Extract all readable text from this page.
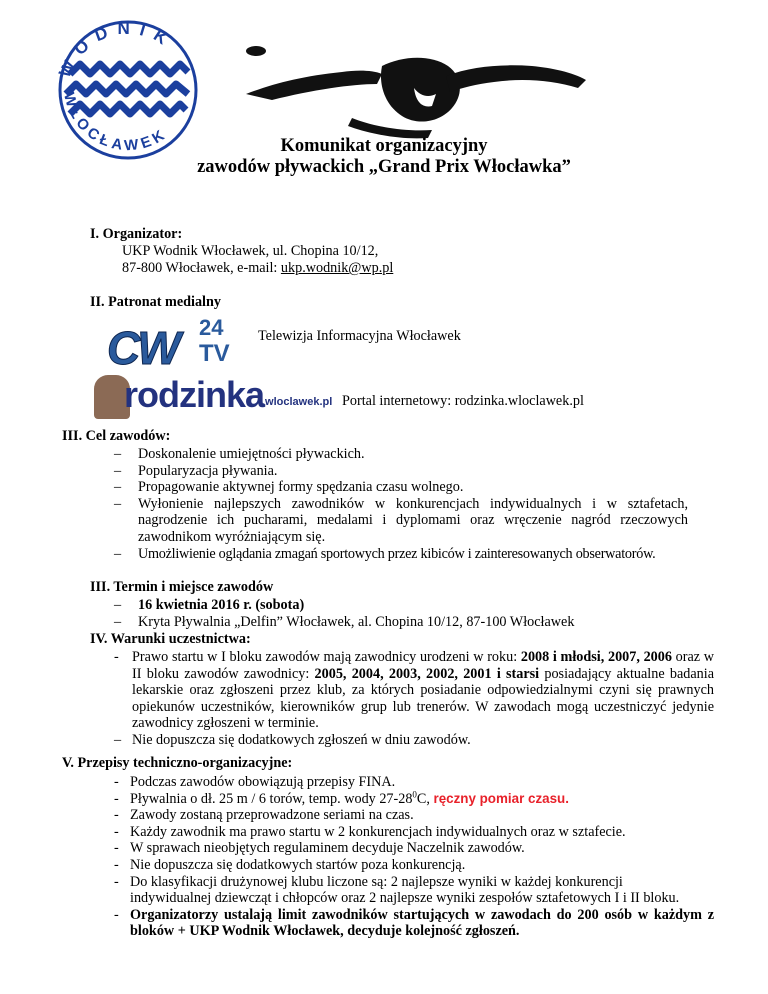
WODNIK
WŁOCŁAWEK	Komunikat organizacyjny
zawodów pływackich „Grand Prix Włocławka”
I. Organizator:
UKP Wodnik Włocławek, ul. Chopina 10/12,
87-800 Włocławek, e-mail: ukp.wodnik@wp.pl
II. Patronat medialny
CW 24
TV
Telewizja Informacyjna Włocławek
rodzinka
.wloclawek.pl Portal internetowy: rodzinka.wloclawek.pl
III. Cel zawodów:
– Doskonalenie umiejętności pływackich.
– Popularyzacja pływania.
– Propagowanie aktywnej formy spędzania czasu wolnego.
– Wyłonienie najlepszych zawodników w konkurencjach indywidualnych i w sztafetach, nagrodzenie ich pucharami, medalami i dyplomami oraz wręczenie nagród rzeczowych zawodnikom wyróżniającym się.
– Umożliwienie oglądania zmagań sportowych przez kibiców i zainteresowanych obserwatorów.
III. Termin i miejsce zawodów
– 16 kwietnia 2016 r. (sobota)
– Kryta Pływalnia „Delfin” Włocławek, al. Chopina 10/12, 87-100 Włocławek
IV. Warunki uczestnictwa:
- Prawo startu w I bloku zawodów mają zawodnicy urodzeni w roku: 2008 i młodsi, 2007, 2006 oraz w II bloku zawodów zawodnicy: 2005, 2004, 2003, 2002, 2001 i starsi posiadający aktualne badania lekarskie oraz zgłoszeni przez klub, za których posiadanie odpowiedzialnymi czyni się prawnych opiekunów uczestników, kierowników grup lub trenerów. W zawodach mogą uczestniczyć jedynie zawodnicy zgłoszeni w terminie.
– Nie dopuszcza się dodatkowych zgłoszeń w dniu zawodów.
V. Przepisy techniczno-organizacyjne:
- Podczas zawodów obowiązują przepisy FINA.
- Pływalnia o dł. 25 m / 6 torów, temp. wody $27-28^0C$, ręczny pomiar czasu.
- Zawody zostaną przeprowadzone seriami na czas.
- Każdy zawodnik ma prawo startu w 2 konkurencjach indywidualnych oraz w sztafecie.
- W sprawach nieobjętych regulaminem decyduje Naczelnik zawodów.
- Nie dopuszcza się dodatkowych startów poza konkurencją.
- Do klasyfikacji drużynowej klubu liczone są: 2 najlepsze wyniki w każdej konkurencji indywidualnej dziewcząt i chłopców oraz 2 najlepsze wyniki zespołów sztafetowych I i II bloku.
- Organizatorzy ustalają limit zawodników startujących w zawodach do 200 osób w każdym z bloków + UKP Wodnik Włocławek, decyduje kolejność zgłoszeń.
